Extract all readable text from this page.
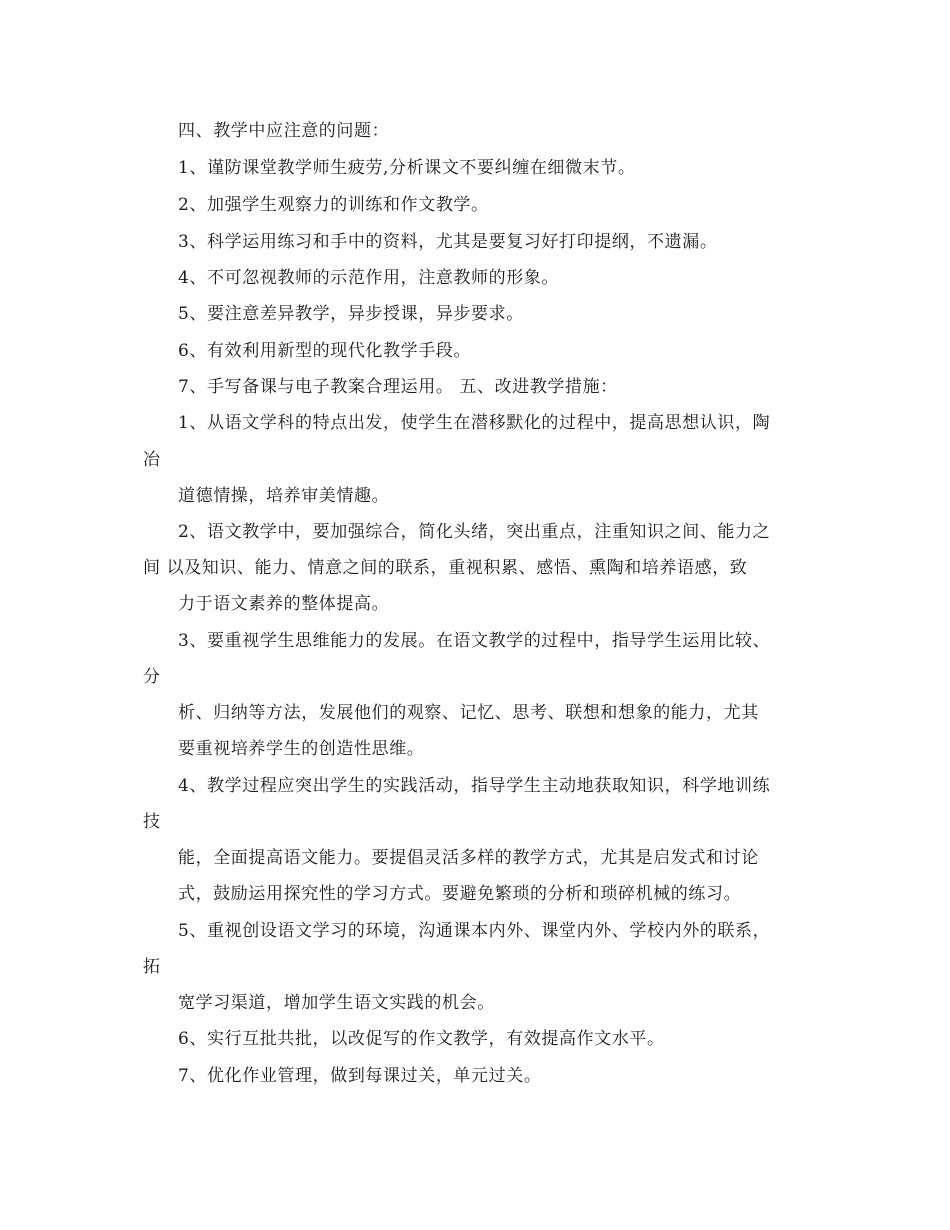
四、教学中应注意的问题：
1、谨防课堂教学师生疲劳,分析课文不要纠缠在细微末节。
2、加强学生观察力的训练和作文教学。
3、科学运用练习和手中的资料，尤其是要复习好打印提纲，不遗漏。
4、不可忽视教师的示范作用，注意教师的形象。
5、要注意差异教学，异步授课，异步要求。
6、有效利用新型的现代化教学手段。
7、手写备课与电子教案合理运用。 五、改进教学措施：
1、从语文学科的特点出发，使学生在潜移默化的过程中，提高思想认识，陶
冶
道德情操，培养审美情趣。
2、语文教学中，要加强综合，简化头绪，突出重点，注重知识之间、能力之
间 以及知识、能力、情意之间的联系，重视积累、感悟、熏陶和培养语感，致
力于语文素养的整体提高。
3、要重视学生思维能力的发展。在语文教学的过程中，指导学生运用比较、
分
析、归纳等方法，发展他们的观察、记忆、思考、联想和想象的能力，尤其
要重视培养学生的创造性思维。
4、教学过程应突出学生的实践活动，指导学生主动地获取知识，科学地训练
技
能，全面提高语文能力。要提倡灵活多样的教学方式，尤其是启发式和讨论
式，鼓励运用探究性的学习方式。要避免繁琐的分析和琐碎机械的练习。
5、重视创设语文学习的环境，沟通课本内外、课堂内外、学校内外的联系，
拓
宽学习渠道，增加学生语文实践的机会。
6、实行互批共批，以改促写的作文教学，有效提高作文水平。
7、优化作业管理，做到每课过关，单元过关。
